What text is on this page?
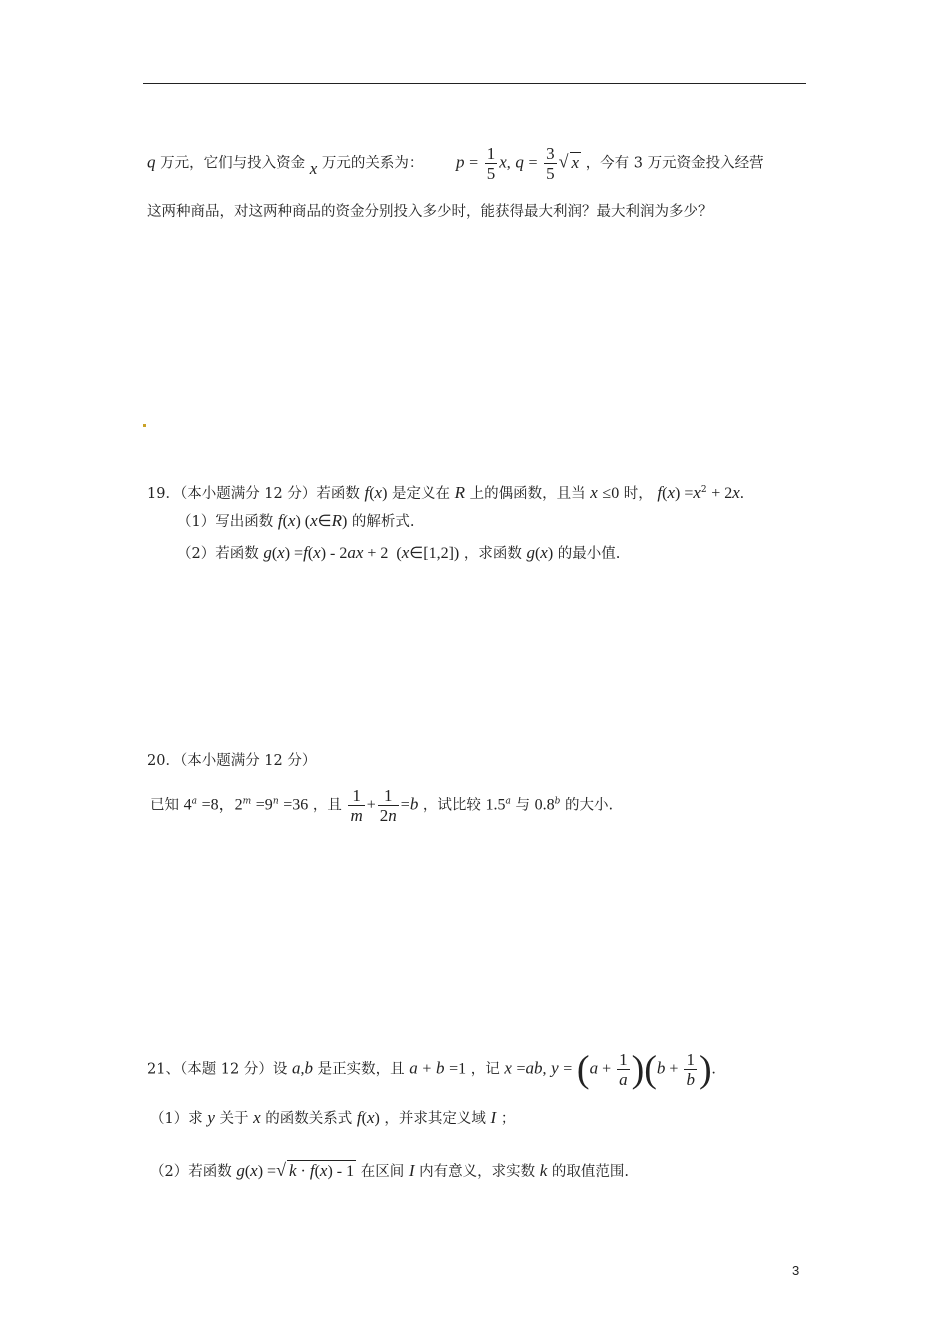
q 万元，它们与投入资金 x 万元的关系为： $p = \frac{1}{5} x$, $q = \frac{3}{5}$ √ x ，今有 3 万元资金投入经营
这两种商品，对这两种商品的资金分别投入多少时，能获得最大利润？最大利润为多少？
19．（本小题满分 12 分）若函数 f(x) 是定义在 R 上的偶函数，且当 x ≤0 时， $f(x) =x^2 + 2x$.
（1）写出函数 f(x) (x∈R) 的解析式.
（2）若函数 g(x) =f(x) - 2ax + 2  (x∈[1,2]) ，求函数 g(x) 的最小值.
20．（本小题满分 12 分）
已知 $4^a =8$，$2^m =9^n =36$ ，且 $\frac{1}{m} + \frac{1}{2n} =b$ ，试比较 1.5$^a$ 与 0.8$^b$ 的大小.
21、（本题 12 分）设 a,b 是正实数，且 a + b =1 ，记 x =ab, $y = (a + \frac{1}{a} )(b + \frac{1}{b}$ ).
（1）求 y 关于 x 的函数关系式 f(x) ，并求其定义域 I ；
（2）若函数 g(x) =√ k · f(x) - 1 在区间 I 内有意义，求实数 k 的取值范围.
3
